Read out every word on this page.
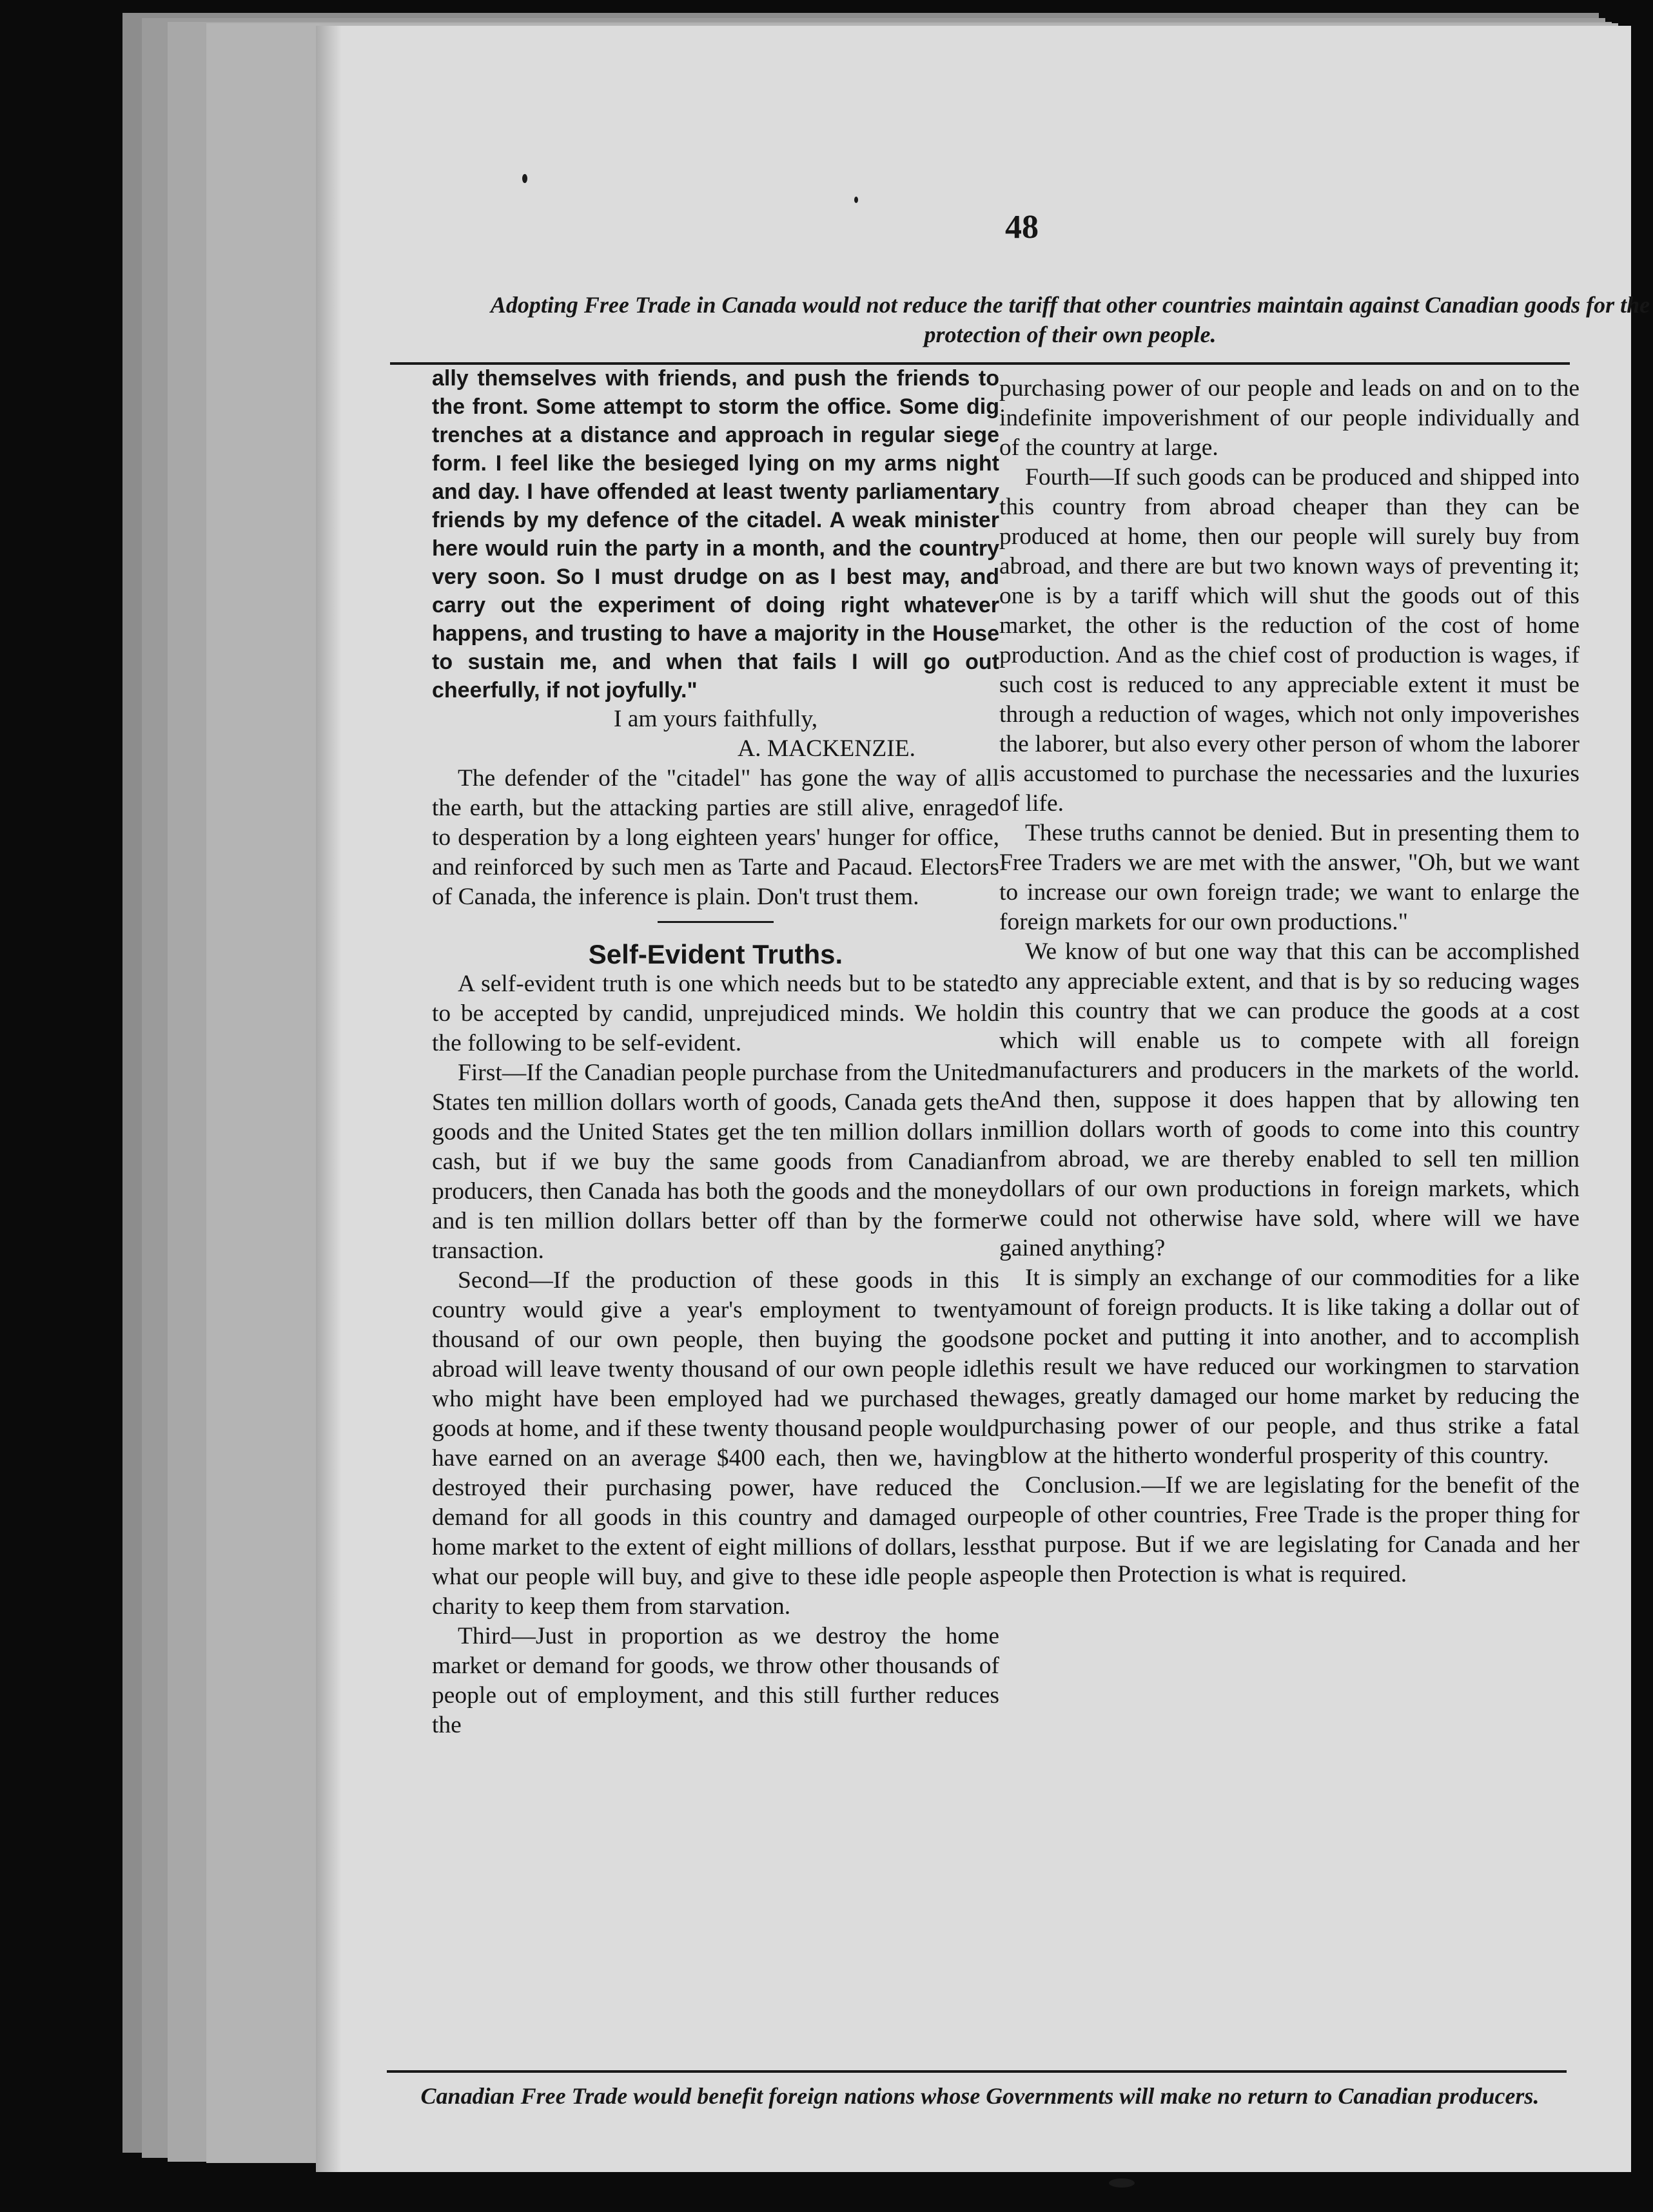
48
Adopting Free Trade in Canada would not reduce the tariff that other countries maintain against Canadian goods for the protection of their own people.

ally themselves with friends, and push the friends to the front. Some attempt to storm the office. Some dig trenches at a distance and approach in regular siege form. I feel like the besieged lying on my arms night and day. I have offended at least twenty parliamentary friends by my defence of the citadel. A weak minister here would ruin the party in a month, and the country very soon. So I must drudge on as I best may, and carry out the experiment of doing right whatever happens, and trusting to have a majority in the House to sustain me, and when that fails I will go out cheerfully, if not joyfully."

I am yours faithfully,

A. MACKENZIE.

The defender of the "citadel" has gone the way of all the earth, but the attacking parties are still alive, enraged to desperation by a long eighteen years' hunger for office, and reinforced by such men as Tarte and Pacaud. Electors of Canada, the inference is plain. Don't trust them.

Self-Evident Truths.

A self-evident truth is one which needs but to be stated to be accepted by candid, unprejudiced minds. We hold the following to be self-evident.

First—If the Canadian people purchase from the United States ten million dollars worth of goods, Canada gets the goods and the United States get the ten million dollars in cash, but if we buy the same goods from Canadian producers, then Canada has both the goods and the money and is ten million dollars better off than by the former transaction.

Second—If the production of these goods in this country would give a year's employment to twenty thousand of our own people, then buying the goods abroad will leave twenty thousand of our own people idle who might have been employed had we purchased the goods at home, and if these twenty thousand people would have earned on an average $400 each, then we, having destroyed their purchasing power, have reduced the demand for all goods in this country and damaged our home market to the extent of eight millions of dollars, less what our people will buy, and give to these idle people as charity to keep them from starvation.

Third—Just in proportion as we destroy the home market or demand for goods, we throw other thousands of people out of employment, and this still further reduces the

purchasing power of our people and leads on and on to the indefinite impoverishment of our people individually and of the country at large.

Fourth—If such goods can be produced and shipped into this country from abroad cheaper than they can be produced at home, then our people will surely buy from abroad, and there are but two known ways of preventing it; one is by a tariff which will shut the goods out of this market, the other is the reduction of the cost of home production. And as the chief cost of production is wages, if such cost is reduced to any appreciable extent it must be through a reduction of wages, which not only impoverishes the laborer, but also every other person of whom the laborer is accustomed to purchase the necessaries and the luxuries of life.

These truths cannot be denied. But in presenting them to Free Traders we are met with the answer, "Oh, but we want to increase our own foreign trade; we want to enlarge the foreign markets for our own productions."

We know of but one way that this can be accomplished to any appreciable extent, and that is by so reducing wages in this country that we can produce the goods at a cost which will enable us to compete with all foreign manufacturers and producers in the markets of the world. And then, suppose it does happen that by allowing ten million dollars worth of goods to come into this country from abroad, we are thereby enabled to sell ten million dollars of our own productions in foreign markets, which we could not otherwise have sold, where will we have gained anything?

It is simply an exchange of our commodities for a like amount of foreign products. It is like taking a dollar out of one pocket and putting it into another, and to accomplish this result we have reduced our workingmen to starvation wages, greatly damaged our home market by reducing the purchasing power of our people, and thus strike a fatal blow at the hitherto wonderful prosperity of this country.

Conclusion.—If we are legislating for the benefit of the people of other countries, Free Trade is the proper thing for that purpose. But if we are legislating for Canada and her people then Protection is what is required.

Canadian Free Trade would benefit foreign nations whose Governments will make no return to Canadian producers.
